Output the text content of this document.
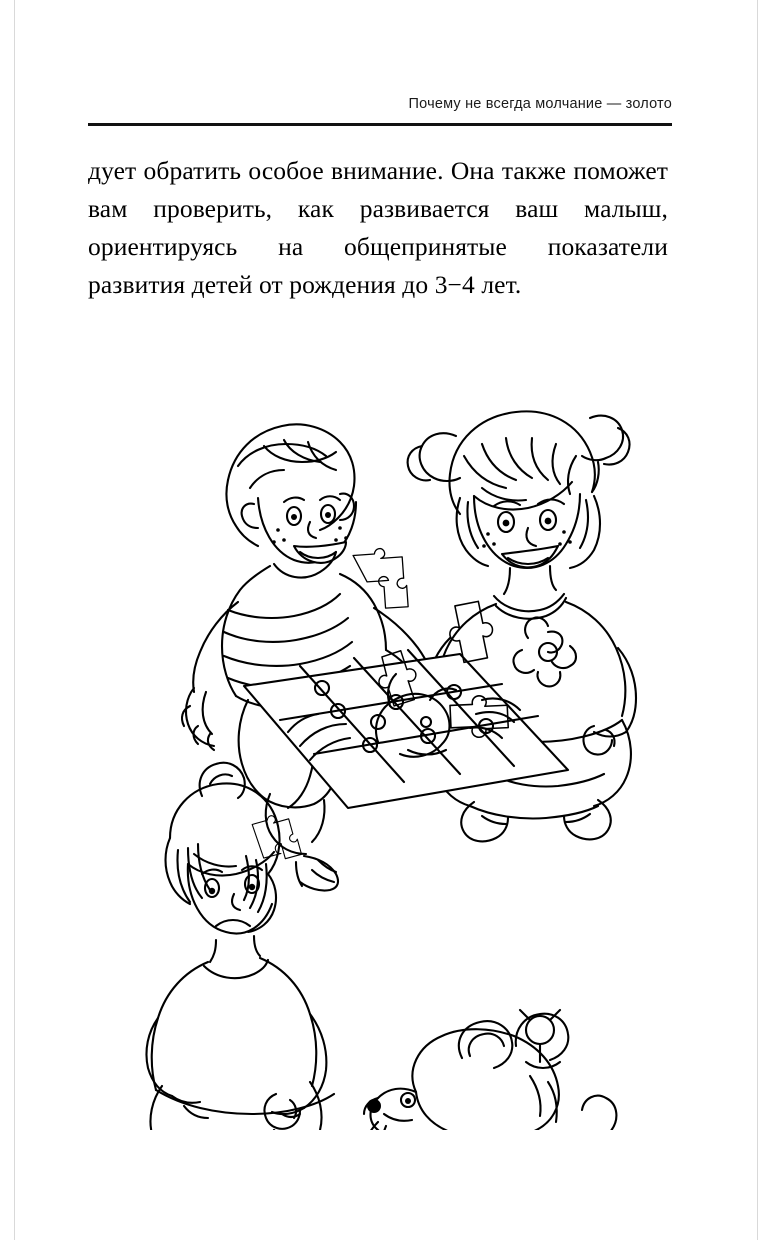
Почему не всегда молчание — золото

дует обратить особое внимание. Она также поможет вам проверить, как развивается ваш малыш, ориентируясь на общепринятые показатели развития детей от рождения до 3−4 лет.
